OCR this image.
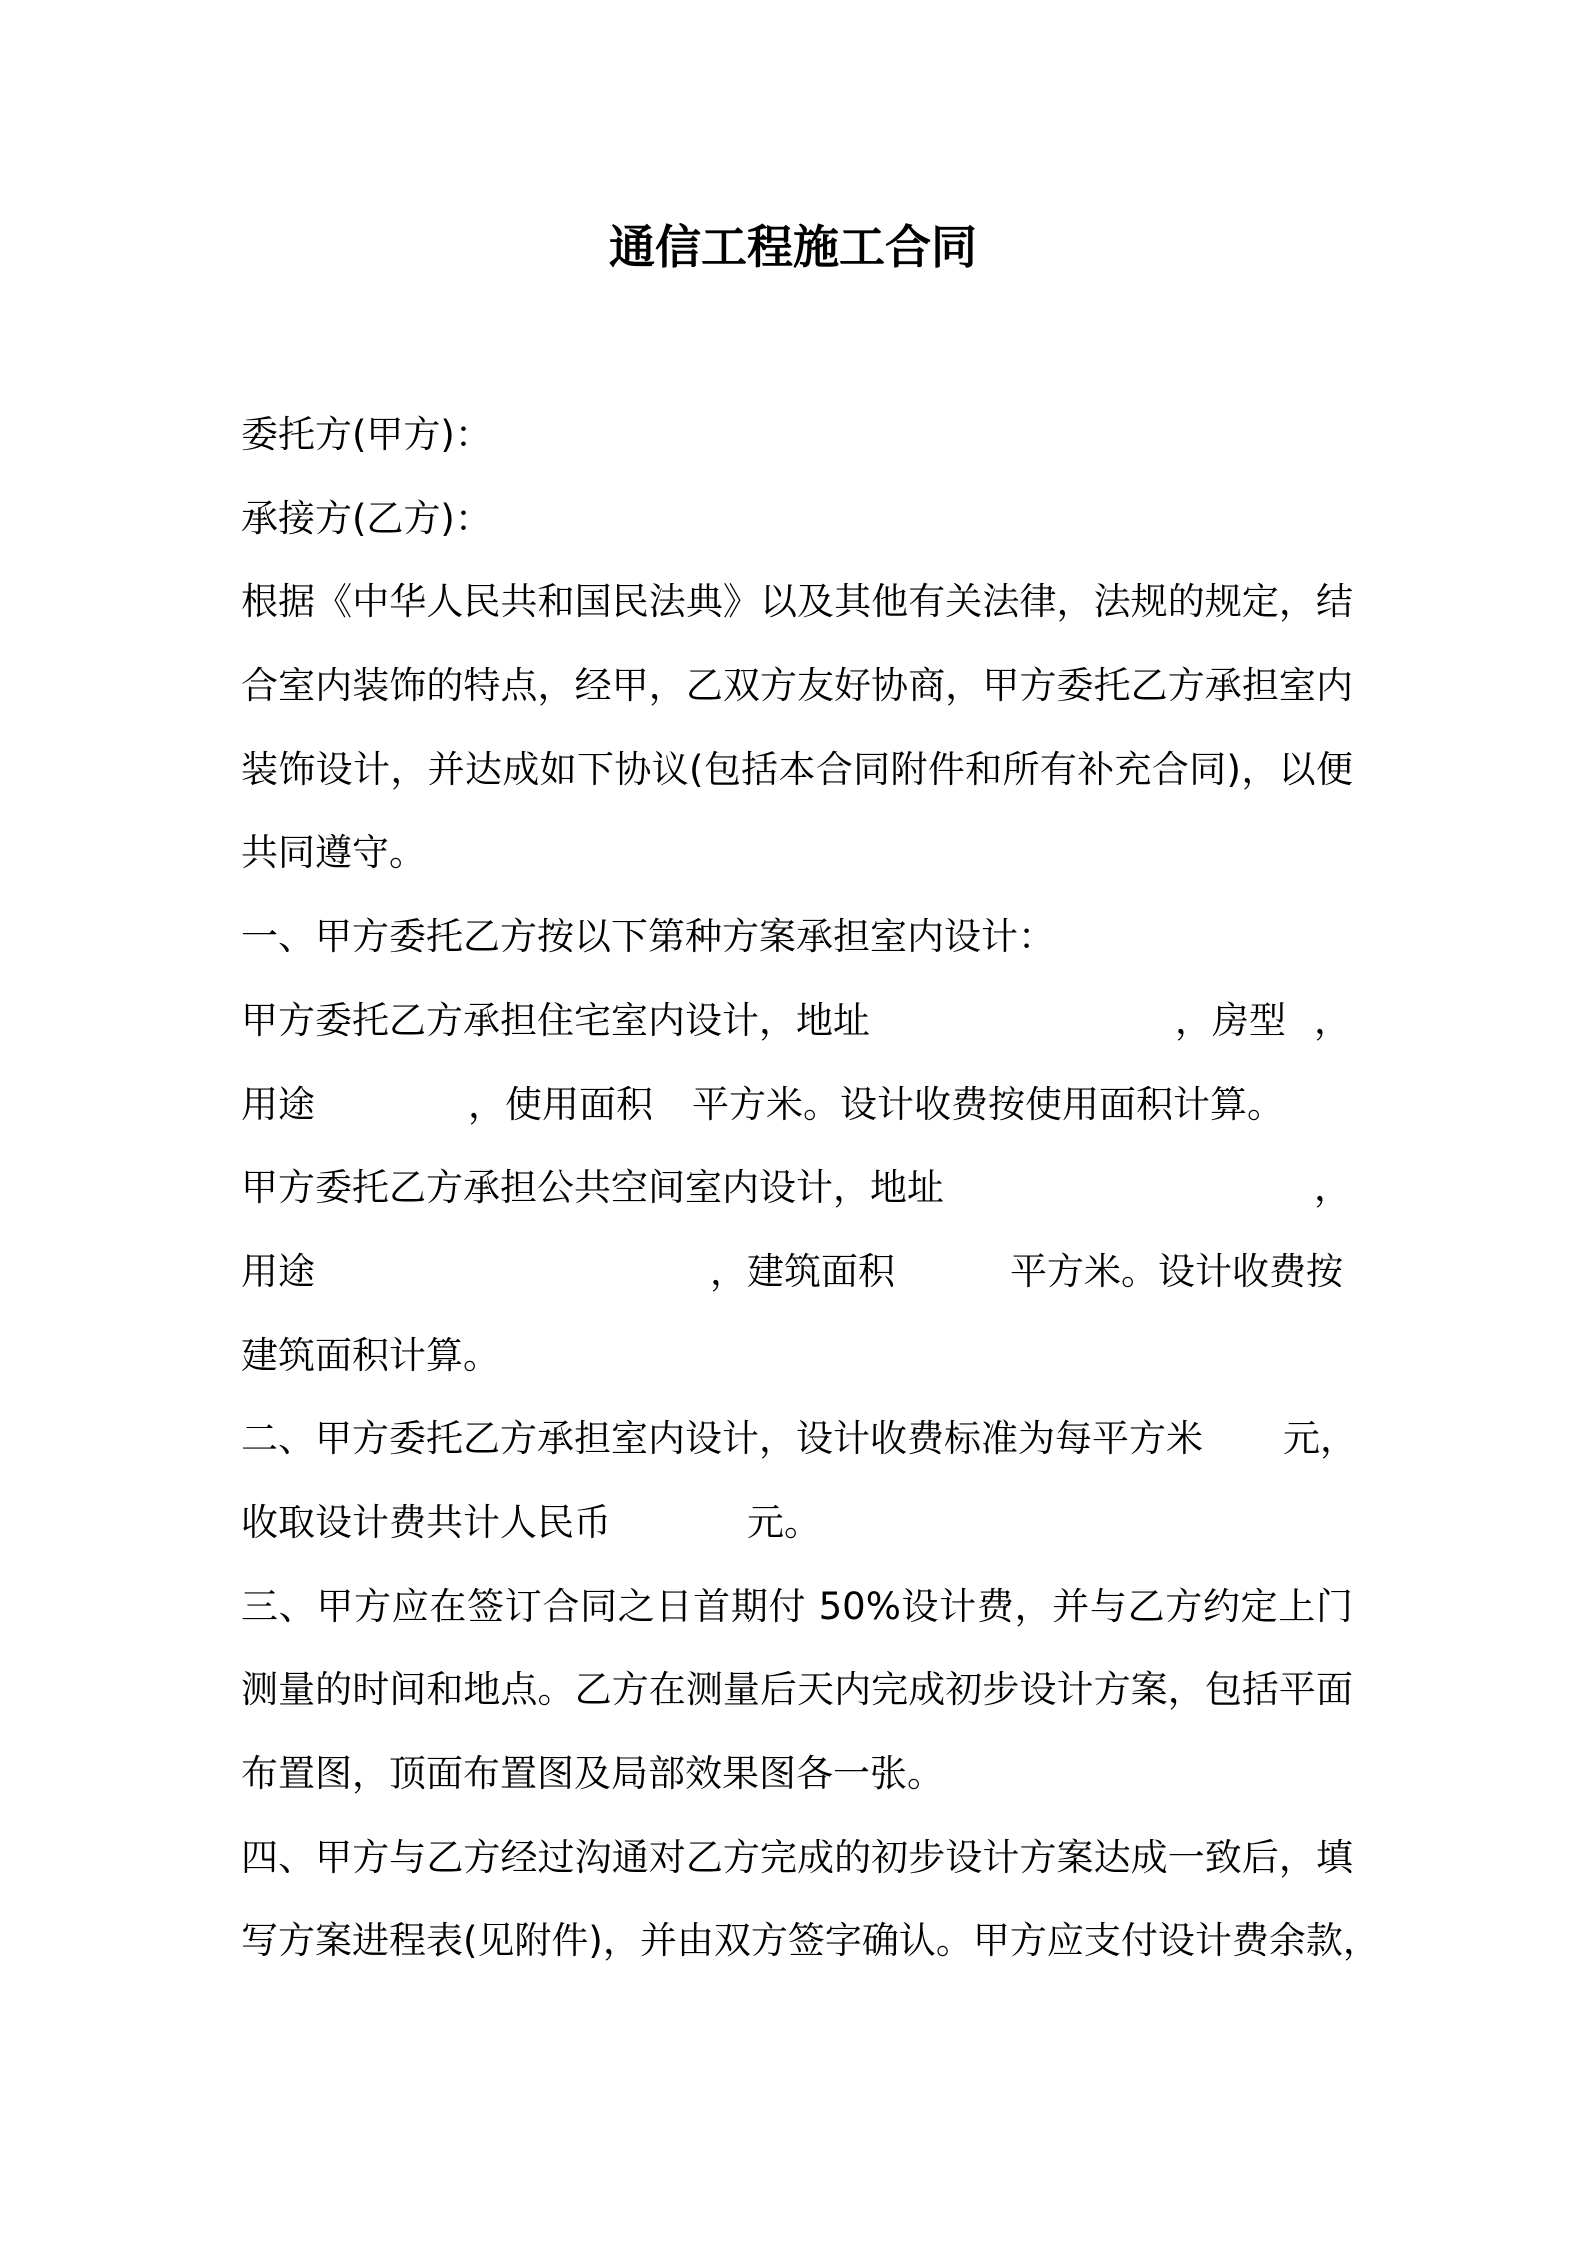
通信工程施工合同
委托方(甲方)：
承接方(乙方)：
根据《中华人民共和国民法典》以及其他有关法律，法规的规定，结
合室内装饰的特点，经甲，乙双方友好协商，甲方委托乙方承担室内
装饰设计，并达成如下协议(包括本合同附件和所有补充合同)，以便
共同遵守。
一、甲方委托乙方按以下第种方案承担室内设计：
甲方委托乙方承担住宅室内设计，地址	，房型 ，
用途	，使用面积 平方米。设计收费按使用面积计算。
甲方委托乙方承担公共空间室内设计，地址	，
用途	，建筑面积	平方米。设计收费按
建筑面积计算。
二、甲方委托乙方承担室内设计，设计收费标准为每平方米 元，
收取设计费共计人民币	元。
三、甲方应在签订合同之日首期付 50%设计费，并与乙方约定上门
测量的时间和地点。乙方在测量后天内完成初步设计方案，包括平面
布置图，顶面布置图及局部效果图各一张。
四、甲方与乙方经过沟通对乙方完成的初步设计方案达成一致后，填
写方案进程表(见附件)，并由双方签字确认。甲方应支付设计费余款，
